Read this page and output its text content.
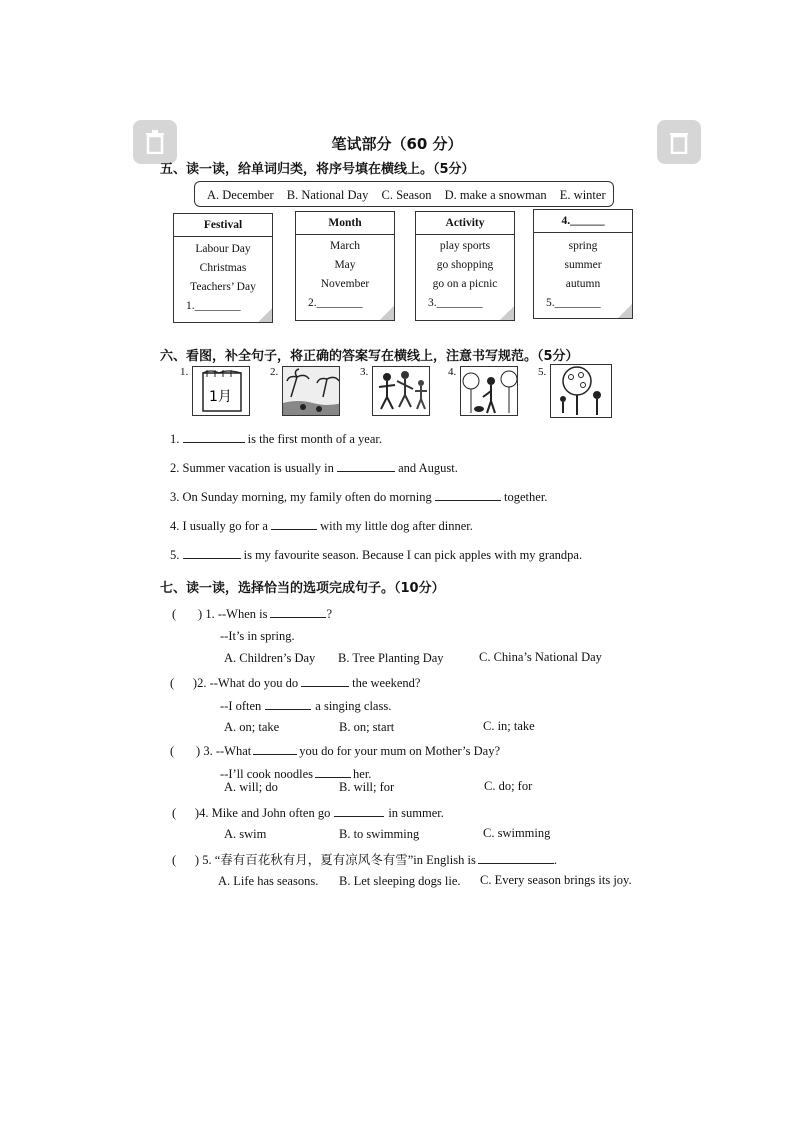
笔试部分（60 分）
五、读一读，给单词归类，将序号填在横线上。（5分）
A. December B. National Day C. Season D. make a snowman E. winter
Festival
Labour Day
Christmas
Teachers’ Day
1.________
Month
March
May
November
2.________
Activity
play sports
go shopping
go on a picnic
3.________
4.______
spring
summer
autumn
5.________
六、看图，补全句子，将正确的答案写在横线上，注意书写规范。（5分）
1.
1月
2.	3.	4.	5.
1.	is the first month of a year.
2. Summer vacation is usually in	and August.
3. On Sunday morning, my family often do morning	together.
4. I usually go for a	with my little dog after dinner.
5.	is my favourite season. Because I can pick apples with my grandpa.
七、读一读，选择恰当的选项完成句子。（10分）
(       ) 1. --When is	?
--It’s in spring.
A. Children’s Day B. Tree Planting Day	C. China’s National Day
(      )2. --What do you do	the weekend?
--I often	a singing class.
A. on; take	B. on; start	C. in; take
(       ) 3. --What	you do for your mum on Mother’s Day?
--I’ll cook noodles	her.
A. will; do	B. will; for	C. do; for
(      )4. Mike and John often go	in summer.
A. swim	B. to swimming	C. swimming
(      ) 5. “春有百花秋有月，夏有凉风冬有雪”in English is	.
A. Life has seasons. B. Let sleeping dogs lie. C. Every season brings its joy.
